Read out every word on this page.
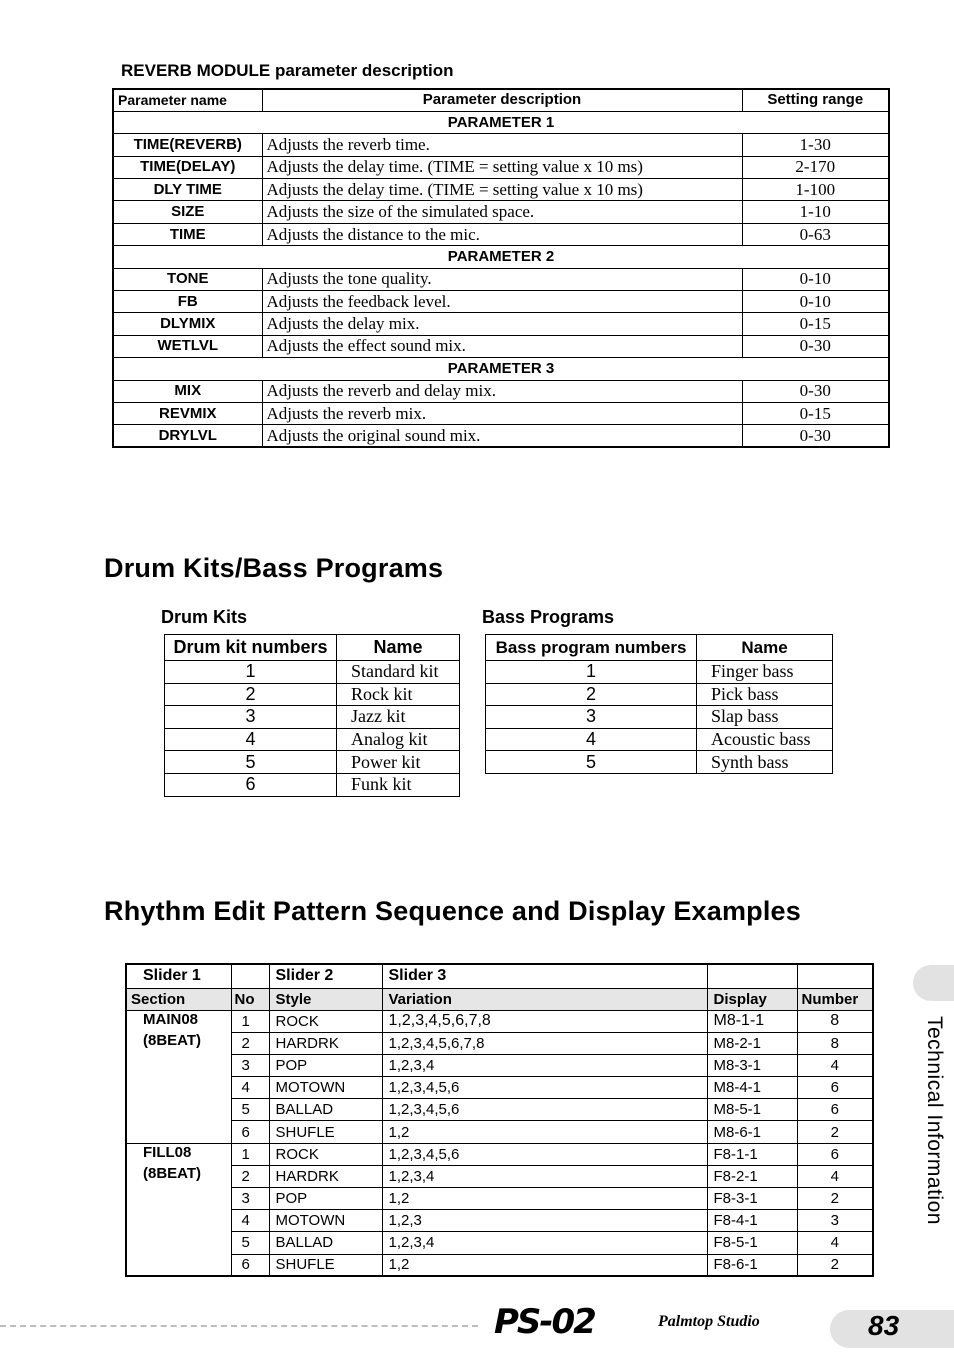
REVERB MODULE parameter description
Parameter name	Parameter description	Setting range
PARAMETER 1		
TIME(REVERB)	Adjusts the reverb time.	1-30
TIME(DELAY)	Adjusts the delay time. (TIME = setting value x 10 ms)	2-170
DLY TIME	Adjusts the delay time. (TIME = setting value x 10 ms)	1-100
SIZE	Adjusts the size of the simulated space.	1-10
TIME	Adjusts the distance to the mic.	0-63
PARAMETER 2		
TONE	Adjusts the tone quality.	0-10
FB	Adjusts the feedback level.	0-10
DLYMIX	Adjusts the delay mix.	0-15
WETLVL	Adjusts the effect sound mix.	0-30
PARAMETER 3		
MIX	Adjusts the reverb and delay mix.	0-30
REVMIX	Adjusts the reverb mix.	0-15
DRYLVL	Adjusts the original sound mix.	0-30
Drum Kits/Bass Programs
Drum Kits	Bass Programs
Drum kit numbers	Name
1	Standard kit
2	Rock kit
3	Jazz kit
4	Analog kit
5	Power kit
6	Funk kit
Bass program numbers	Name
1	Finger bass
2	Pick bass
3	Slap bass
4	Acoustic bass
5	Synth bass
Rhythm Edit Pattern Sequence and Display Examples
Slider 1		Slider 2	Slider 3		
Section	No	Style	Variation	Display	Number
MAIN08	1	ROCK	1,2,3,4,5,6,7,8	M8-1-1	8
(8BEAT)	2	HARDRK	1,2,3,4,5,6,7,8	M8-2-1	8
	3	POP	1,2,3,4	M8-3-1	4
	4	MOTOWN	1,2,3,4,5,6	M8-4-1	6
	5	BALLAD	1,2,3,4,5,6	M8-5-1	6
	6	SHUFLE	1,2	M8-6-1	2
FILL08	1	ROCK	1,2,3,4,5,6	F8-1-1	6
(8BEAT)	2	HARDRK	1,2,3,4	F8-2-1	4
	3	POP	1,2	F8-3-1	2
	4	MOTOWN	1,2,3	F8-4-1	3
	5	BALLAD	1,2,3,4	F8-5-1	4
	6	SHUFLE	1,2	F8-6-1	2
Technical Information
PS-02	Palmtop Studio	83
